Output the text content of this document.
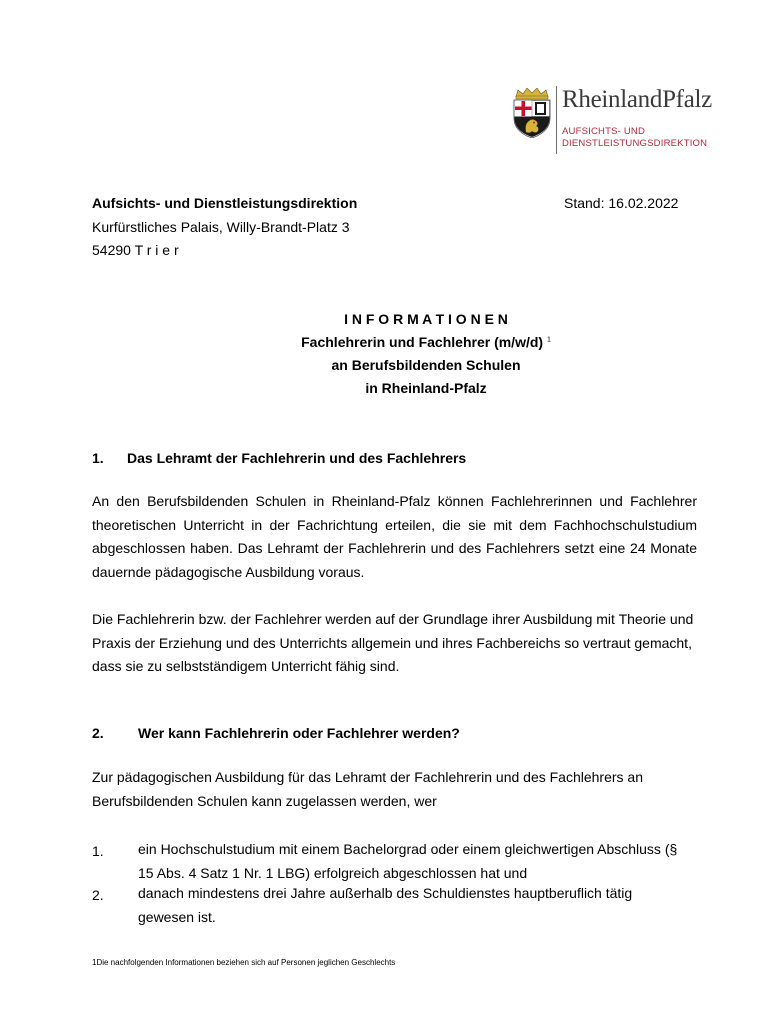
RheinlandPfalz
AUFSICHTS- UND
DIENSTLEISTUNGSDIREKTION
Aufsichts- und Dienstleistungsdirektion	Stand: 16.02.2022
Kurfürstliches Palais, Willy-Brandt-Platz 3
54290 T r i e r
I N F O R M A T I O N E N
Fachlehrerin und Fachlehrer (m/w/d) $^1$
an Berufsbildenden Schulen
in Rheinland-Pfalz
1. Das Lehramt der Fachlehrerin und des Fachlehrers

An den Berufsbildenden Schulen in Rheinland-Pfalz können Fachlehrerinnen und Fachlehrer theoretischen Unterricht in der Fachrichtung erteilen, die sie mit dem Fachhochschulstudium abgeschlossen haben. Das Lehramt der Fachlehrerin und des Fachlehrers setzt eine 24 Monate dauernde pädagogische Ausbildung voraus.

Die Fachlehrerin bzw. der Fachlehrer werden auf der Grundlage ihrer Ausbildung mit Theorie und Praxis der Erziehung und des Unterrichts allgemein und ihres Fachbereichs so vertraut gemacht, dass sie zu selbstständigem Unterricht fähig sind.

2. Wer kann Fachlehrerin oder Fachlehrer werden?

Zur pädagogischen Ausbildung für das Lehramt der Fachlehrerin und des Fachlehrers an Berufsbildenden Schulen kann zugelassen werden, wer

1. ein Hochschulstudium mit einem Bachelorgrad oder einem gleichwertigen Abschluss (§ 15 Abs. 4 Satz 1 Nr. 1 LBG) erfolgreich abgeschlossen hat und

2. danach mindestens drei Jahre außerhalb des Schuldienstes hauptberuflich tätig gewesen ist.

1Die nachfolgenden Informationen beziehen sich auf Personen jeglichen Geschlechts
